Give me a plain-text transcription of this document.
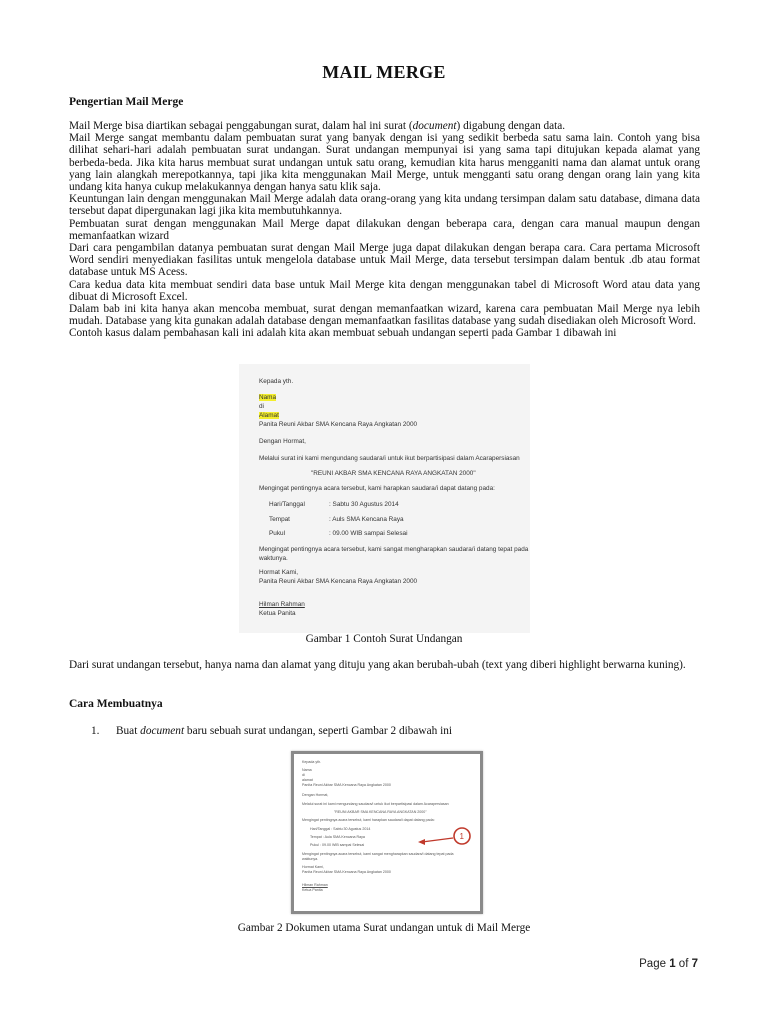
MAIL MERGE
Pengertian Mail Merge

Mail Merge bisa diartikan sebagai penggabungan surat, dalam hal ini surat (document) digabung dengan data.

Mail Merge sangat membantu dalam pembuatan surat yang banyak dengan isi yang sedikit berbeda satu sama lain. Contoh yang bisa dilihat sehari-hari adalah pembuatan surat undangan. Surat undangan mempunyai isi yang sama tapi ditujukan kepada alamat yang berbeda-beda. Jika kita harus membuat surat undangan untuk satu orang, kemudian kita harus mengganiti nama dan alamat untuk orang yang lain alangkah merepotkannya, tapi jika kita menggunakan Mail Merge, untuk mengganti satu orang dengan orang lain yang kita undang kita hanya cukup melakukannya dengan hanya satu klik saja.

Keuntungan lain dengan menggunakan Mail Merge adalah data orang-orang yang kita undang tersimpan dalam satu database, dimana data tersebut dapat dipergunakan lagi jika kita membutuhkannya.

Pembuatan surat dengan menggunakan Mail Merge dapat dilakukan dengan beberapa cara, dengan cara manual maupun dengan memanfaatkan wizard

Dari cara pengambilan datanya pembuatan surat dengan Mail Merge juga dapat dilakukan dengan berapa cara. Cara pertama Microsoft Word sendiri menyediakan fasilitas untuk mengelola database untuk Mail Merge, data tersebut tersimpan dalam bentuk .db atau format database untuk MS Acess.

Cara kedua data kita membuat sendiri data base untuk Mail Merge kita dengan menggunakan tabel di Microsoft Word atau data yang dibuat di Microsoft Excel.

Dalam bab ini kita hanya akan mencoba membuat, surat dengan memanfaatkan wizard, karena cara pembuatan Mail Merge nya lebih mudah. Database yang kita gunakan adalah database dengan memanfaatkan fasilitas database yang sudah disediakan oleh Microsoft Word.

Contoh kasus dalam pembahasan kali ini adalah kita akan membuat sebuah undangan seperti pada Gambar 1 dibawah ini

Kepada yth.
Nama
di
Alamat
Panita Reuni Akbar SMA Kencana Raya Angkatan 2000
Dengan Hormat,
Melalui surat ini kami mengundang saudara/i untuk ikut berpartisipasi dalam Acarapersiasan
"REUNI AKBAR SMA KENCANA RAYA ANGKATAN 2000"
Mengingat pentingnya acara tersebut, kami harapkan saudara/i dapat datang pada:
Hari/Tanggal	: Sabtu 30 Agustus 2014
Tempat	: Auls SMA Kencana Raya
Pukul	: 09.00 WIB sampai Selesai
Mengingat pentingnya acara tersebut, kami sangat mengharapkan saudara/i datang tepat pada
waktunya.
Hormat Kami,
Panita Reuni Akbar SMA Kencana Raya Angkatan 2000
Hilman Rahman
Ketua Panita
Gambar 1 Contoh Surat Undangan

Dari surat undangan tersebut, hanya nama dan alamat yang dituju yang akan berubah-ubah (text yang diberi highlight berwarna kuning).

Cara Membuatnya
1. Buat document baru sebuah surat undangan, seperti Gambar 2 dibawah ini
Kepada yth.
Nama
di
alamat
Panita Reuni Akbar SMA Kencana Raya Angkatan 2000
Dengan Hormat,
Melalui surat ini kami mengundang saudara/i untuk ikut berpartisipasi dalam Acarapersiasan
"REUNI AKBAR SMA KENCANA RAYA ANGKATAN 2000"
Mengingat pentingnya acara tersebut, kami harapkan saudara/i dapat datang pada:
Hari/Tanggal : Sabtu 30 Agustus 2014
Tempat : Aula SMA Kencana Raya
Pukul : 09.00 WIB sampai Selesai
Mengingat pentingnya acara tersebut, kami sangat mengharapkan saudara/i datang tepat pada
waktunya.
Hormat Kami,
Panita Reuni Akbar SMA Kencana Raya Angkatan 2000
Hilman Rahman
Ketua Panita
1
Gambar 2 Dokumen utama Surat undangan untuk di Mail Merge
Page 1 of 7
